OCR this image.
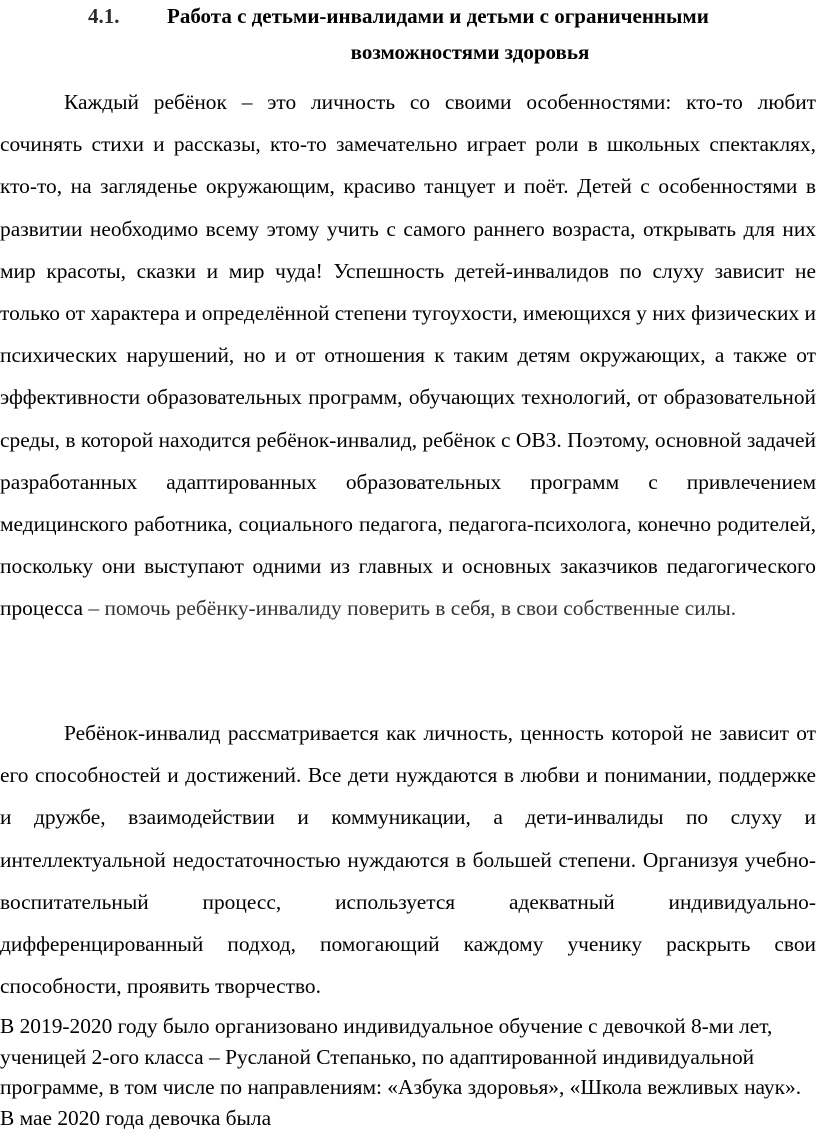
4.1. Работа с детьми-инвалидами и детьми с ограниченными
возможностями здоровья

Каждый ребёнок – это личность со своими особенностями: кто-то любит сочинять стихи и рассказы, кто-то замечательно играет роли в школьных спектаклях, кто-то, на загляденье окружающим, красиво танцует и поёт. Детей с особенностями в развитии необходимо всему этому учить с самого раннего возраста, открывать для них мир красоты, сказки и мир чуда! Успешность детей-инвалидов по слуху зависит не только от характера и определённой степени тугоухости, имеющихся у них физических и психических нарушений, но и от отношения к таким детям окружающих, а также от эффективности образовательных программ, обучающих технологий, от образовательной среды, в которой находится ребёнок-инвалид, ребёнок с ОВЗ. Поэтому, основной задачей разработанных адаптированных образовательных программ с привлечением медицинского работника, социального педагога, педагога-психолога, конечно родителей, поскольку они выступают одними из главных и основных заказчиков педагогического процесса – помочь ребёнку-инвалиду поверить в себя, в свои собственные силы.

Ребёнок-инвалид рассматривается как личность, ценность которой не зависит от его способностей и достижений. Все дети нуждаются в любви и понимании, поддержке и дружбе, взаимодействии и коммуникации, а дети-инвалиды по слуху и интеллектуальной недостаточностью нуждаются в большей степени. Организуя учебно-воспитательный процесс, используется адекватный индивидуально-дифференцированный подход, помогающий каждому ученику раскрыть свои способности, проявить творчество.

В 2019-2020 году было организовано индивидуальное обучение с девочкой 8-ми лет, ученицей 2-ого класса – Русланой Степанько, по адаптированной индивидуальной программе, в том числе по направлениям: «Азбука здоровья», «Школа вежливых наук». В мае 2020 года девочка была
